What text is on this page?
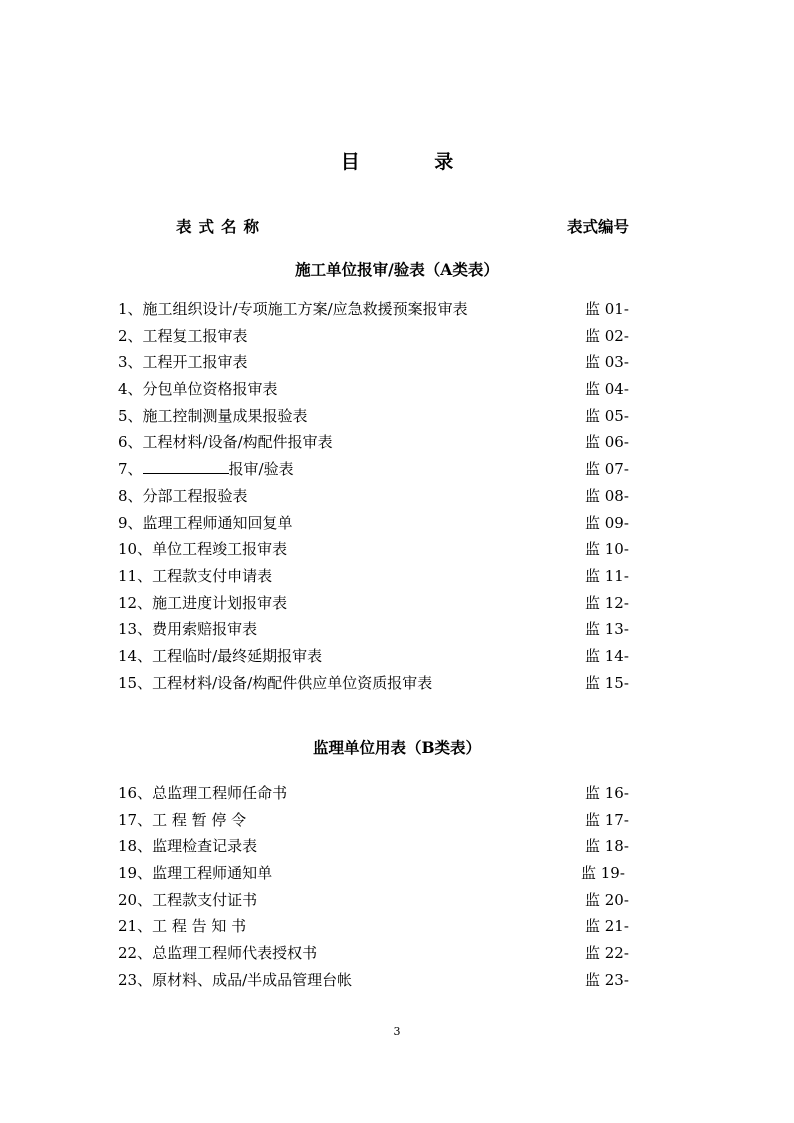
目 录
表式名称	表式编号
施工单位报审/验表（A类表）
1、施工组织设计/专项施工方案/应急救援预案报审表	监 01-
2、工程复工报审表	监 02-
3、工程开工报审表	监 03-
4、分包单位资格报审表	监 04-
5、施工控制测量成果报验表	监 05-
6、工程材料/设备/构配件报审表	监 06-
7、	报审/验表	监 07-
8、分部工程报验表	监 08-
9、监理工程师通知回复单	监 09-
10、单位工程竣工报审表	监 10-
11、工程款支付申请表	监 11-
12、施工进度计划报审表	监 12-
13、费用索赔报审表	监 13-
14、工程临时/最终延期报审表	监 14-
15、工程材料/设备/构配件供应单位资质报审表	监 15-
监理单位用表（B类表）
16、总监理工程师任命书	监 16-
17、工 程 暂 停 令	监 17-
18、监理检查记录表	监 18-
19、监理工程师通知单	监 19-
20、工程款支付证书	监 20-
21、工 程 告 知 书	监 21-
22、总监理工程师代表授权书	监 22-
23、原材料、成品/半成品管理台帐	监 23-
3
